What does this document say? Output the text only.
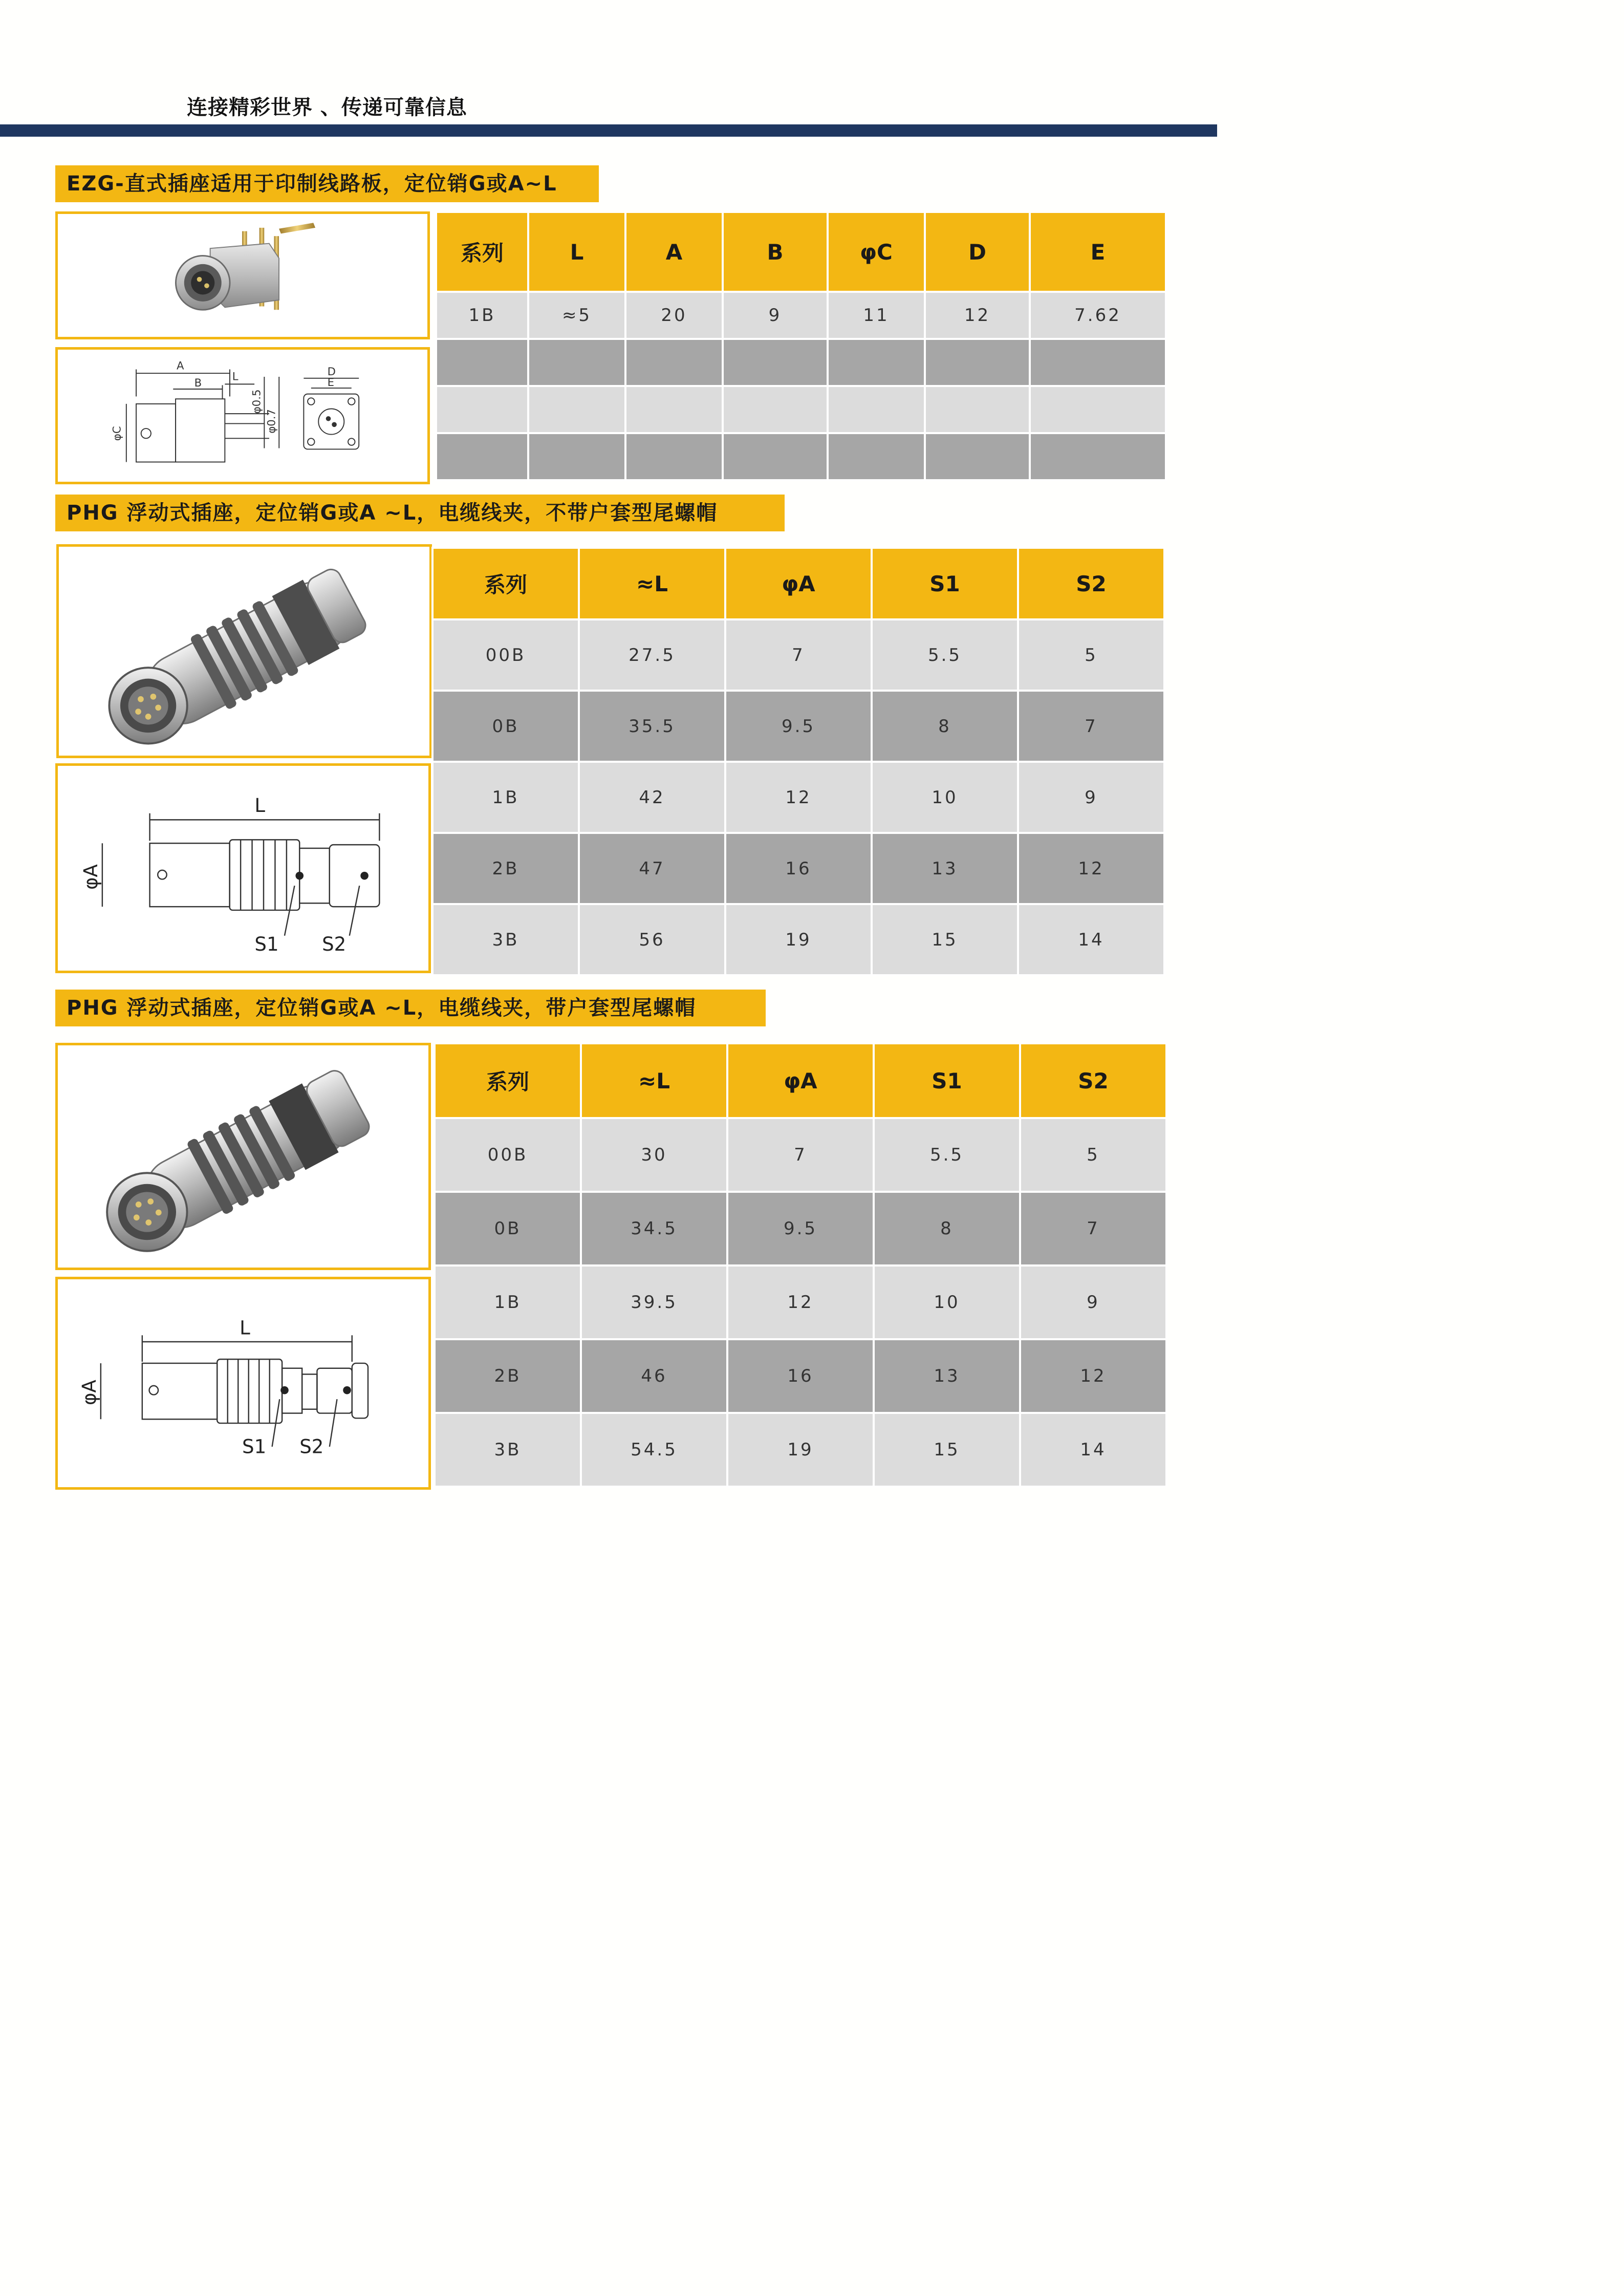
连接精彩世界 、传递可靠信息
EZG-直式插座适用于印制线路板，定位销G或A~L
A
B
L
φC
φ0.5
φ0.7
D
E
系列	L	A	B	φC	D	E
1B	≈5	20	9	11	12	7.62

PHG 浮动式插座，定位销G或A ~L，电缆线夹，不带户套型尾螺帽
L
φA
S1 S2
系列	≈L	φA	S1	S2
00B	27.5	7	5.5	5
0B	35.5	9.5	8	7
1B	42	12	10	9
2B	47	16	13	12
3B	56	19	15	14
PHG 浮动式插座，定位销G或A ~L，电缆线夹，带户套型尾螺帽
L
φA
S1 S2
系列	≈L	φA	S1	S2
00B	30	7	5.5	5
0B	34.5	9.5	8	7
1B	39.5	12	10	9
2B	46	16	13	12
3B	54.5	19	15	14
